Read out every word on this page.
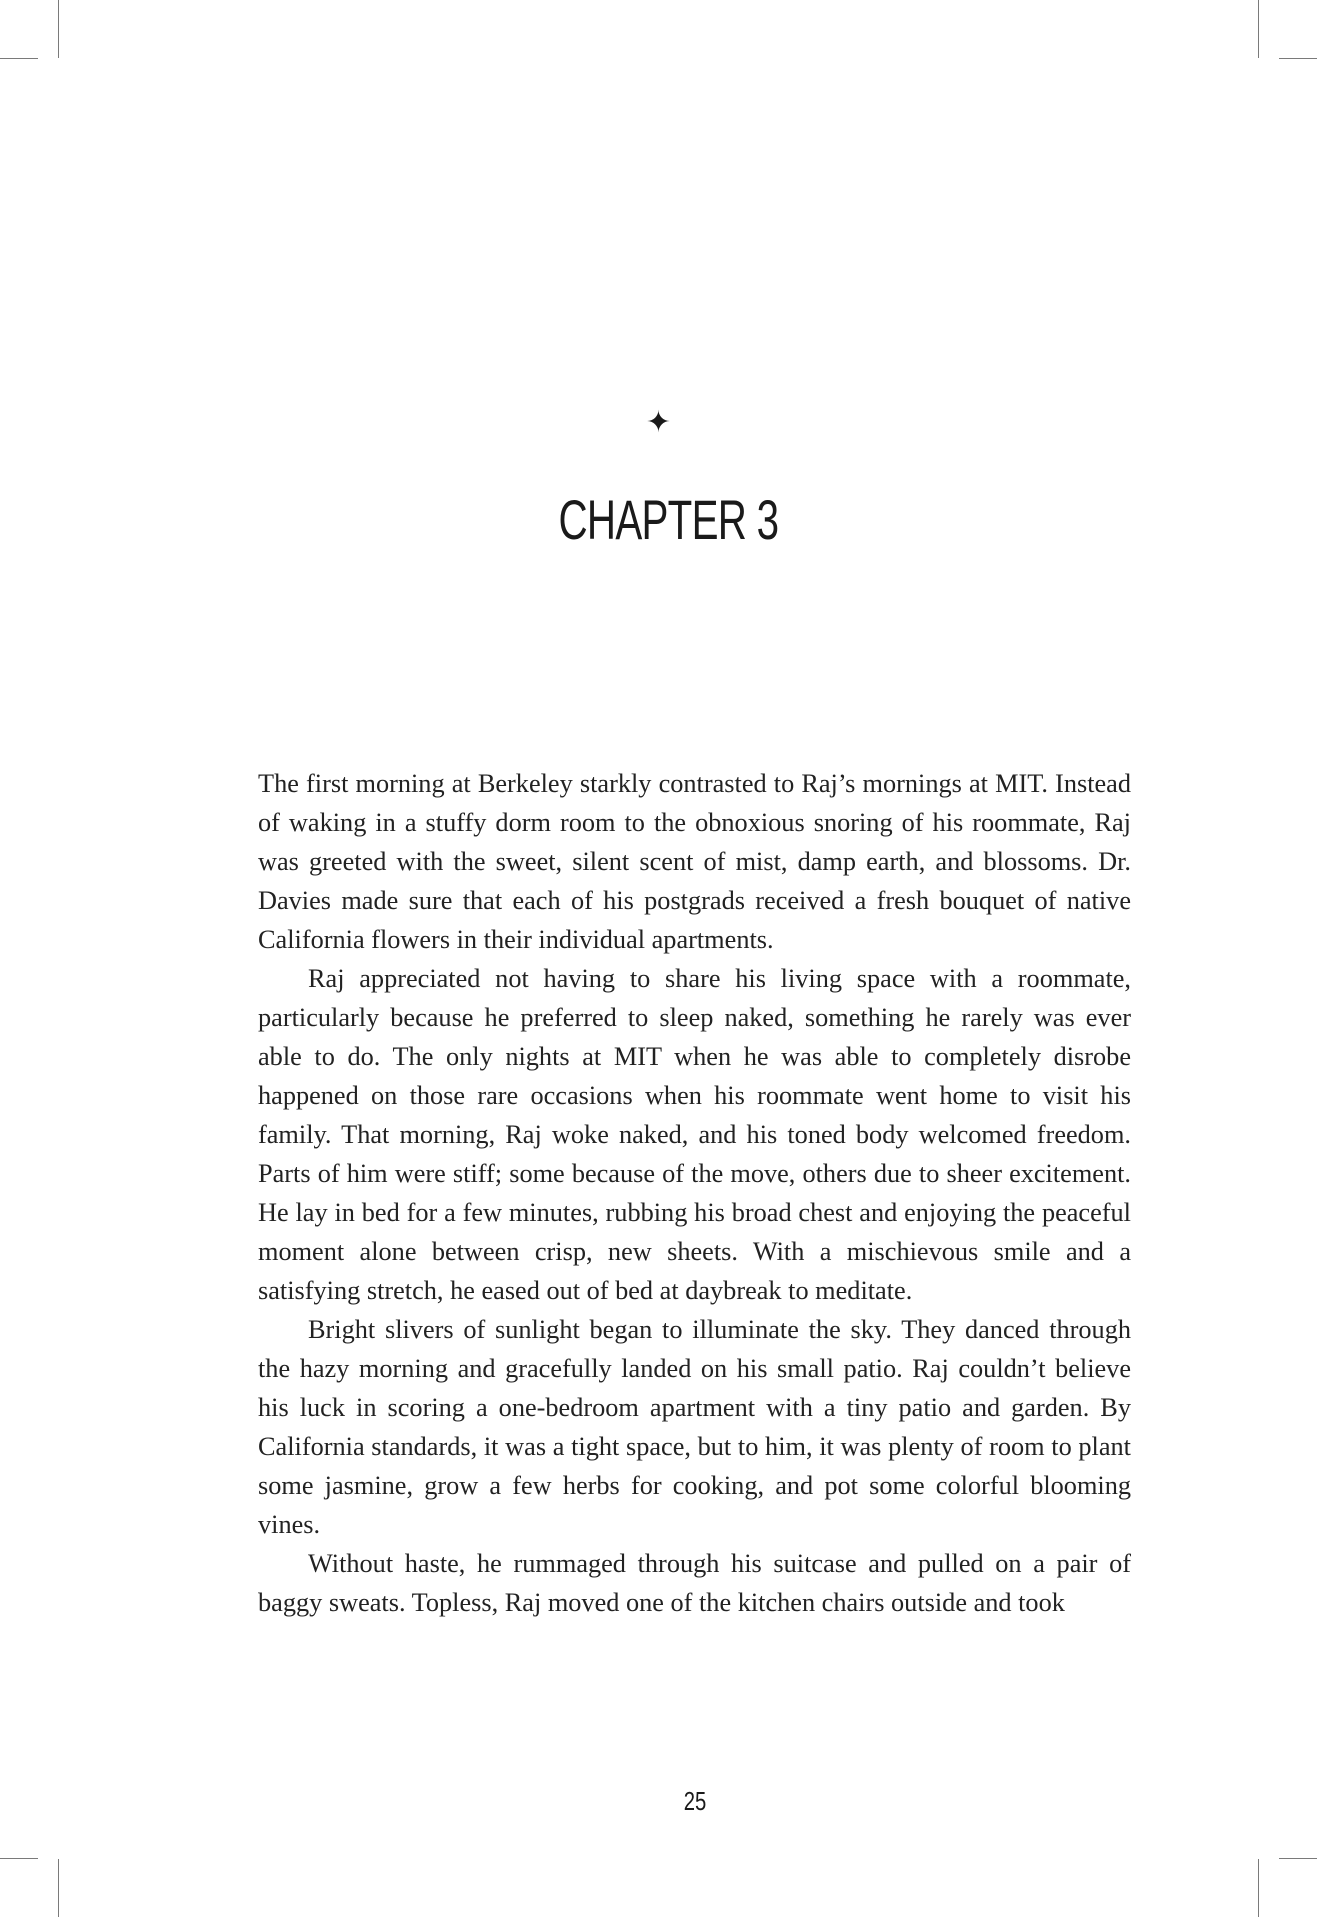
✦
CHAPTER 3

The first morning at Berkeley starkly contrasted to Raj’s mornings at MIT. Instead of waking in a stuffy dorm room to the obnoxious snoring of his roommate, Raj was greeted with the sweet, silent scent of mist, damp earth, and blossoms. Dr. Davies made sure that each of his postgrads received a fresh bouquet of native California flowers in their individual apartments.

Raj appreciated not having to share his living space with a roommate, particularly because he preferred to sleep naked, something he rarely was ever able to do. The only nights at MIT when he was able to completely disrobe happened on those rare occasions when his roommate went home to visit his family. That morning, Raj woke naked, and his toned body welcomed freedom. Parts of him were stiff; some because of the move, others due to sheer excitement. He lay in bed for a few minutes, rubbing his broad chest and enjoying the peaceful moment alone between crisp, new sheets. With a mischievous smile and a satisfying stretch, he eased out of bed at daybreak to meditate.

Bright slivers of sunlight began to illuminate the sky. They danced through the hazy morning and gracefully landed on his small patio. Raj couldn’t believe his luck in scoring a one-bedroom apartment with a tiny patio and garden. By California standards, it was a tight space, but to him, it was plenty of room to plant some jasmine, grow a few herbs for cooking, and pot some colorful blooming vines.

Without haste, he rummaged through his suitcase and pulled on a pair of baggy sweats. Topless, Raj moved one of the kitchen chairs outside and took

25
